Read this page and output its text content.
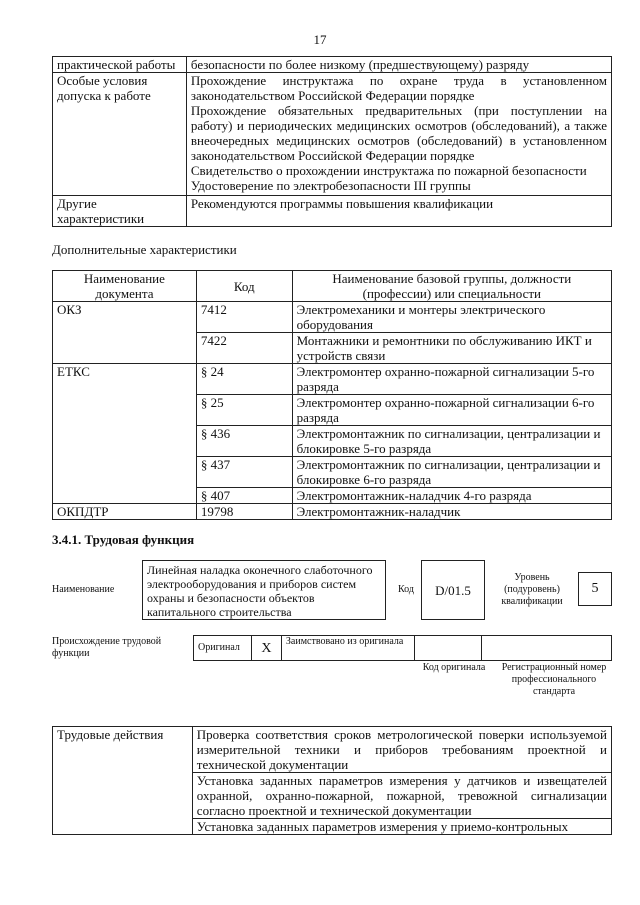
17
практической работы	безопасности по более низкому (предшествующему) разряду
Особые условия допуска к работе	Прохождение инструктажа по охране труда в установленном законодательством Российской Федерации порядке
Прохождение обязательных предварительных (при поступлении на работу) и периодических медицинских осмотров (обследований), а также внеочередных медицинских осмотров (обследований) в установленном законодательством Российской Федерации порядке
Свидетельство о прохождении инструктажа по пожарной безопасности
Удостоверение по электробезопасности III группы

Другие характеристики	Рекомендуются программы повышения квалификации
Дополнительные характеристики
Наименование документа	Код	Наименование базовой группы, должности (профессии) или специальности
ОКЗ	7412	Электромеханики и монтеры электрического оборудования
	7422	Монтажники и ремонтники по обслуживанию ИКТ и устройств связи
ЕТКС	§ 24	Электромонтер охранно-пожарной сигнализации 5-го разряда
	§ 25	Электромонтер охранно-пожарной сигнализации 6-го разряда
	§ 436	Электромонтажник по сигнализации, централизации и блокировке 5-го разряда
	§ 437	Электромонтажник по сигнализации, централизации и блокировке 6-го разряда
	§ 407	Электромонтажник-наладчик 4-го разряда
ОКПДТР	19798	Электромонтажник-наладчик
3.4.1. Трудовая функция
Наименование
Линейная наладка оконечного слаботочного электрооборудования и приборов систем охраны и безопасности объектов капитального строительства
Код	D/01.5
Уровень (подуровень) квалификации
5
Происхождение трудовой функции
Оригинал	X	Заимствовано из оригинала		
Код оригинала	Регистрационный номер профессионального стандарта
Трудовые действия	Проверка соответствия сроков метрологической поверки используемой измерительной техники и приборов требованиям проектной и технической документации
Установка заданных параметров измерения у датчиков и извещателей охранной, охранно-пожарной, пожарной, тревожной сигнализации согласно проектной и технической документации
Установка заданных параметров измерения у приемо-контрольных
